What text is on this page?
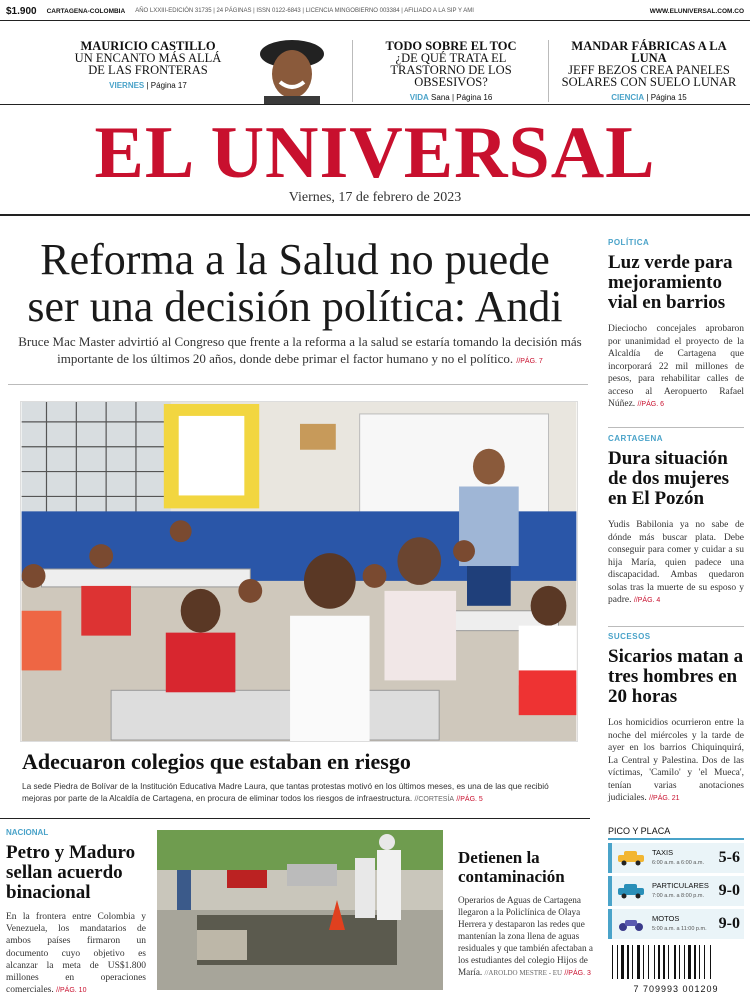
$1.900 CARTAGENA-COLOMBIA AÑO LXXIII-EDICIÓN 31735 | 24 PÁGINAS | ISSN 0122-6843 | LICENCIA MINGOBIERNO 003384 | AFILIADO A LA SIP Y AMI	WWW.ELUNIVERSAL.COM.CO
MAURICIO CASTILLO
UN ENCANTO MÁS ALLÁ DE LAS FRONTERAS
VIERNES | Página 17
TODO SOBRE EL TOC
¿DE QUÉ TRATA EL TRASTORNO DE LOS OBSESIVOS?
VIDA Sana | Página 16
MANDAR FÁBRICAS A LA LUNA
JEFF BEZOS CREA PANELES SOLARES CON SUELO LUNAR
CIENCIA | Página 15
EL UNIVERSAL
Viernes, 17 de febrero de 2023
Reforma a la Salud no puede ser una decisión política: Andi
Bruce Mac Master advirtió al Congreso que frente a la reforma a la salud se estaría tomando la decisión más importante de los últimos 20 años, donde debe primar el factor humano y no el político. //PÁG. 7
Adecuaron colegios que estaban en riesgo
La sede Piedra de Bolívar de la Institución Educativa Madre Laura, que tantas protestas motivó en los últimos meses, es una de las que recibió mejoras por parte de la Alcaldía de Cartagena, en procura de eliminar todos los riesgos de infraestructura. //CORTESÍA //PÁG. 5
POLÍTICA
Luz verde para mejoramiento vial en barrios
Dieciocho concejales aprobaron por unanimidad el proyecto de la Alcaldía de Cartagena que incorporará 22 mil millones de pesos, para rehabilitar calles de acceso al Aeropuerto Rafael Núñez. //PÁG. 6
CARTAGENA
Dura situación de dos mujeres en El Pozón
Yudis Babilonia ya no sabe de dónde más buscar plata. Debe conseguir para comer y cuidar a su hija María, quien padece una discapacidad. Ambas quedaron solas tras la muerte de su esposo y padre. //PÁG. 4
SUCESOS
Sicarios matan a tres hombres en 20 horas
Los homicidios ocurrieron entre la noche del miércoles y la tarde de ayer en los barrios Chiquinquirá, La Central y Palestina. Dos de las víctimas, 'Camilo' y 'el Mueca', tenían varias anotaciones judiciales. //PÁG. 21
NACIONAL
Petro y Maduro sellan acuerdo binacional
En la frontera entre Colombia y Venezuela, los mandatarios de ambos países firmaron un documento cuyo objetivo es alcanzar la meta de US$1.800 millones en operaciones comerciales. //PÁG. 10
Detienen la contaminación
Operarios de Aguas de Cartagena llegaron a la Policlínica de Olaya Herrera y destaparon las redes que mantenían la zona llena de aguas residuales y que también afectaban a los estudiantes del colegio Hijos de María. //AROLDO MESTRE - EU //PÁG. 3
PICO Y PLACA
TAXIS
6:00 a.m. a 6:00 a.m. 5-6
PARTICULARES
7:00 a.m. a 8:00 p.m. 9-0
MOTOS
5:00 a.m. a 11:00 p.m. 9-0
7 709993 001209
